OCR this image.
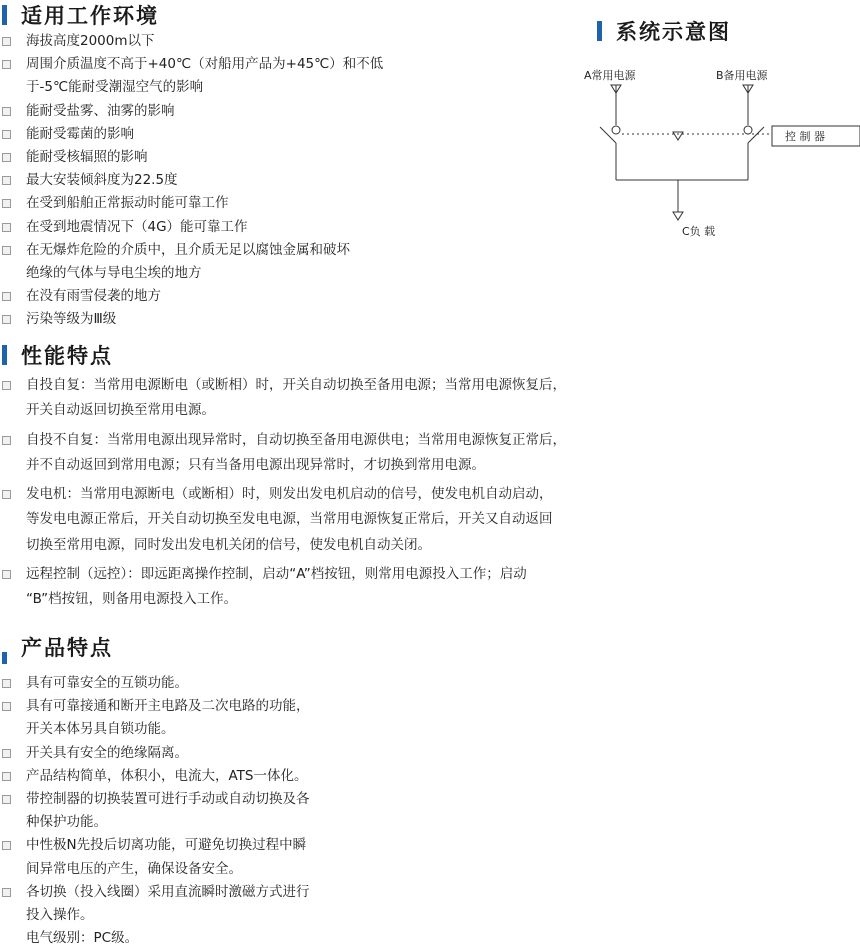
适用工作环境
海拔高度2000m以下
周围介质温度不高于+40℃（对船用产品为+45℃）和不低
于-5℃能耐受潮湿空气的影响
能耐受盐雾、油雾的影响
能耐受霉菌的影响
能耐受核辐照的影响
最大安装倾斜度为22.5度
在受到船舶正常振动时能可靠工作
在受到地震情况下（4G）能可靠工作
在无爆炸危险的介质中，且介质无足以腐蚀金属和破坏
绝缘的气体与导电尘埃的地方
在没有雨雪侵袭的地方
污染等级为Ⅲ级
性能特点
自投自复：当常用电源断电（或断相）时，开关自动切换至备用电源；当常用电源恢复后，
开关自动返回切换至常用电源。
自投不自复：当常用电源出现异常时，自动切换至备用电源供电；当常用电源恢复正常后，
并不自动返回到常用电源；只有当备用电源出现异常时，才切换到常用电源。
发电机：当常用电源断电（或断相）时，则发出发电机启动的信号，使发电机自动启动，
等发电电源正常后，开关自动切换至发电电源，当常用电源恢复正常后，开关又自动返回
切换至常用电源，同时发出发电机关闭的信号，使发电机自动关闭。
远程控制（远控）：即远距离操作控制，启动“A”档按钮，则常用电源投入工作；启动
“B”档按钮，则备用电源投入工作。
产品特点
具有可靠安全的互锁功能。
具有可靠接通和断开主电路及二次电路的功能，
开关本体另具自锁功能。
开关具有安全的绝缘隔离。
产品结构简单，体积小，电流大，ATS一体化。
带控制器的切换装置可进行手动或自动切换及各
种保护功能。
中性极N先投后切离功能，可避免切换过程中瞬
间异常电压的产生，确保设备安全。
各切换（投入线圈）采用直流瞬时激磁方式进行
投入操作。
电气级别：PC级。
系统示意图
A常用电源	B备用电源
控 制 器
C负 载
